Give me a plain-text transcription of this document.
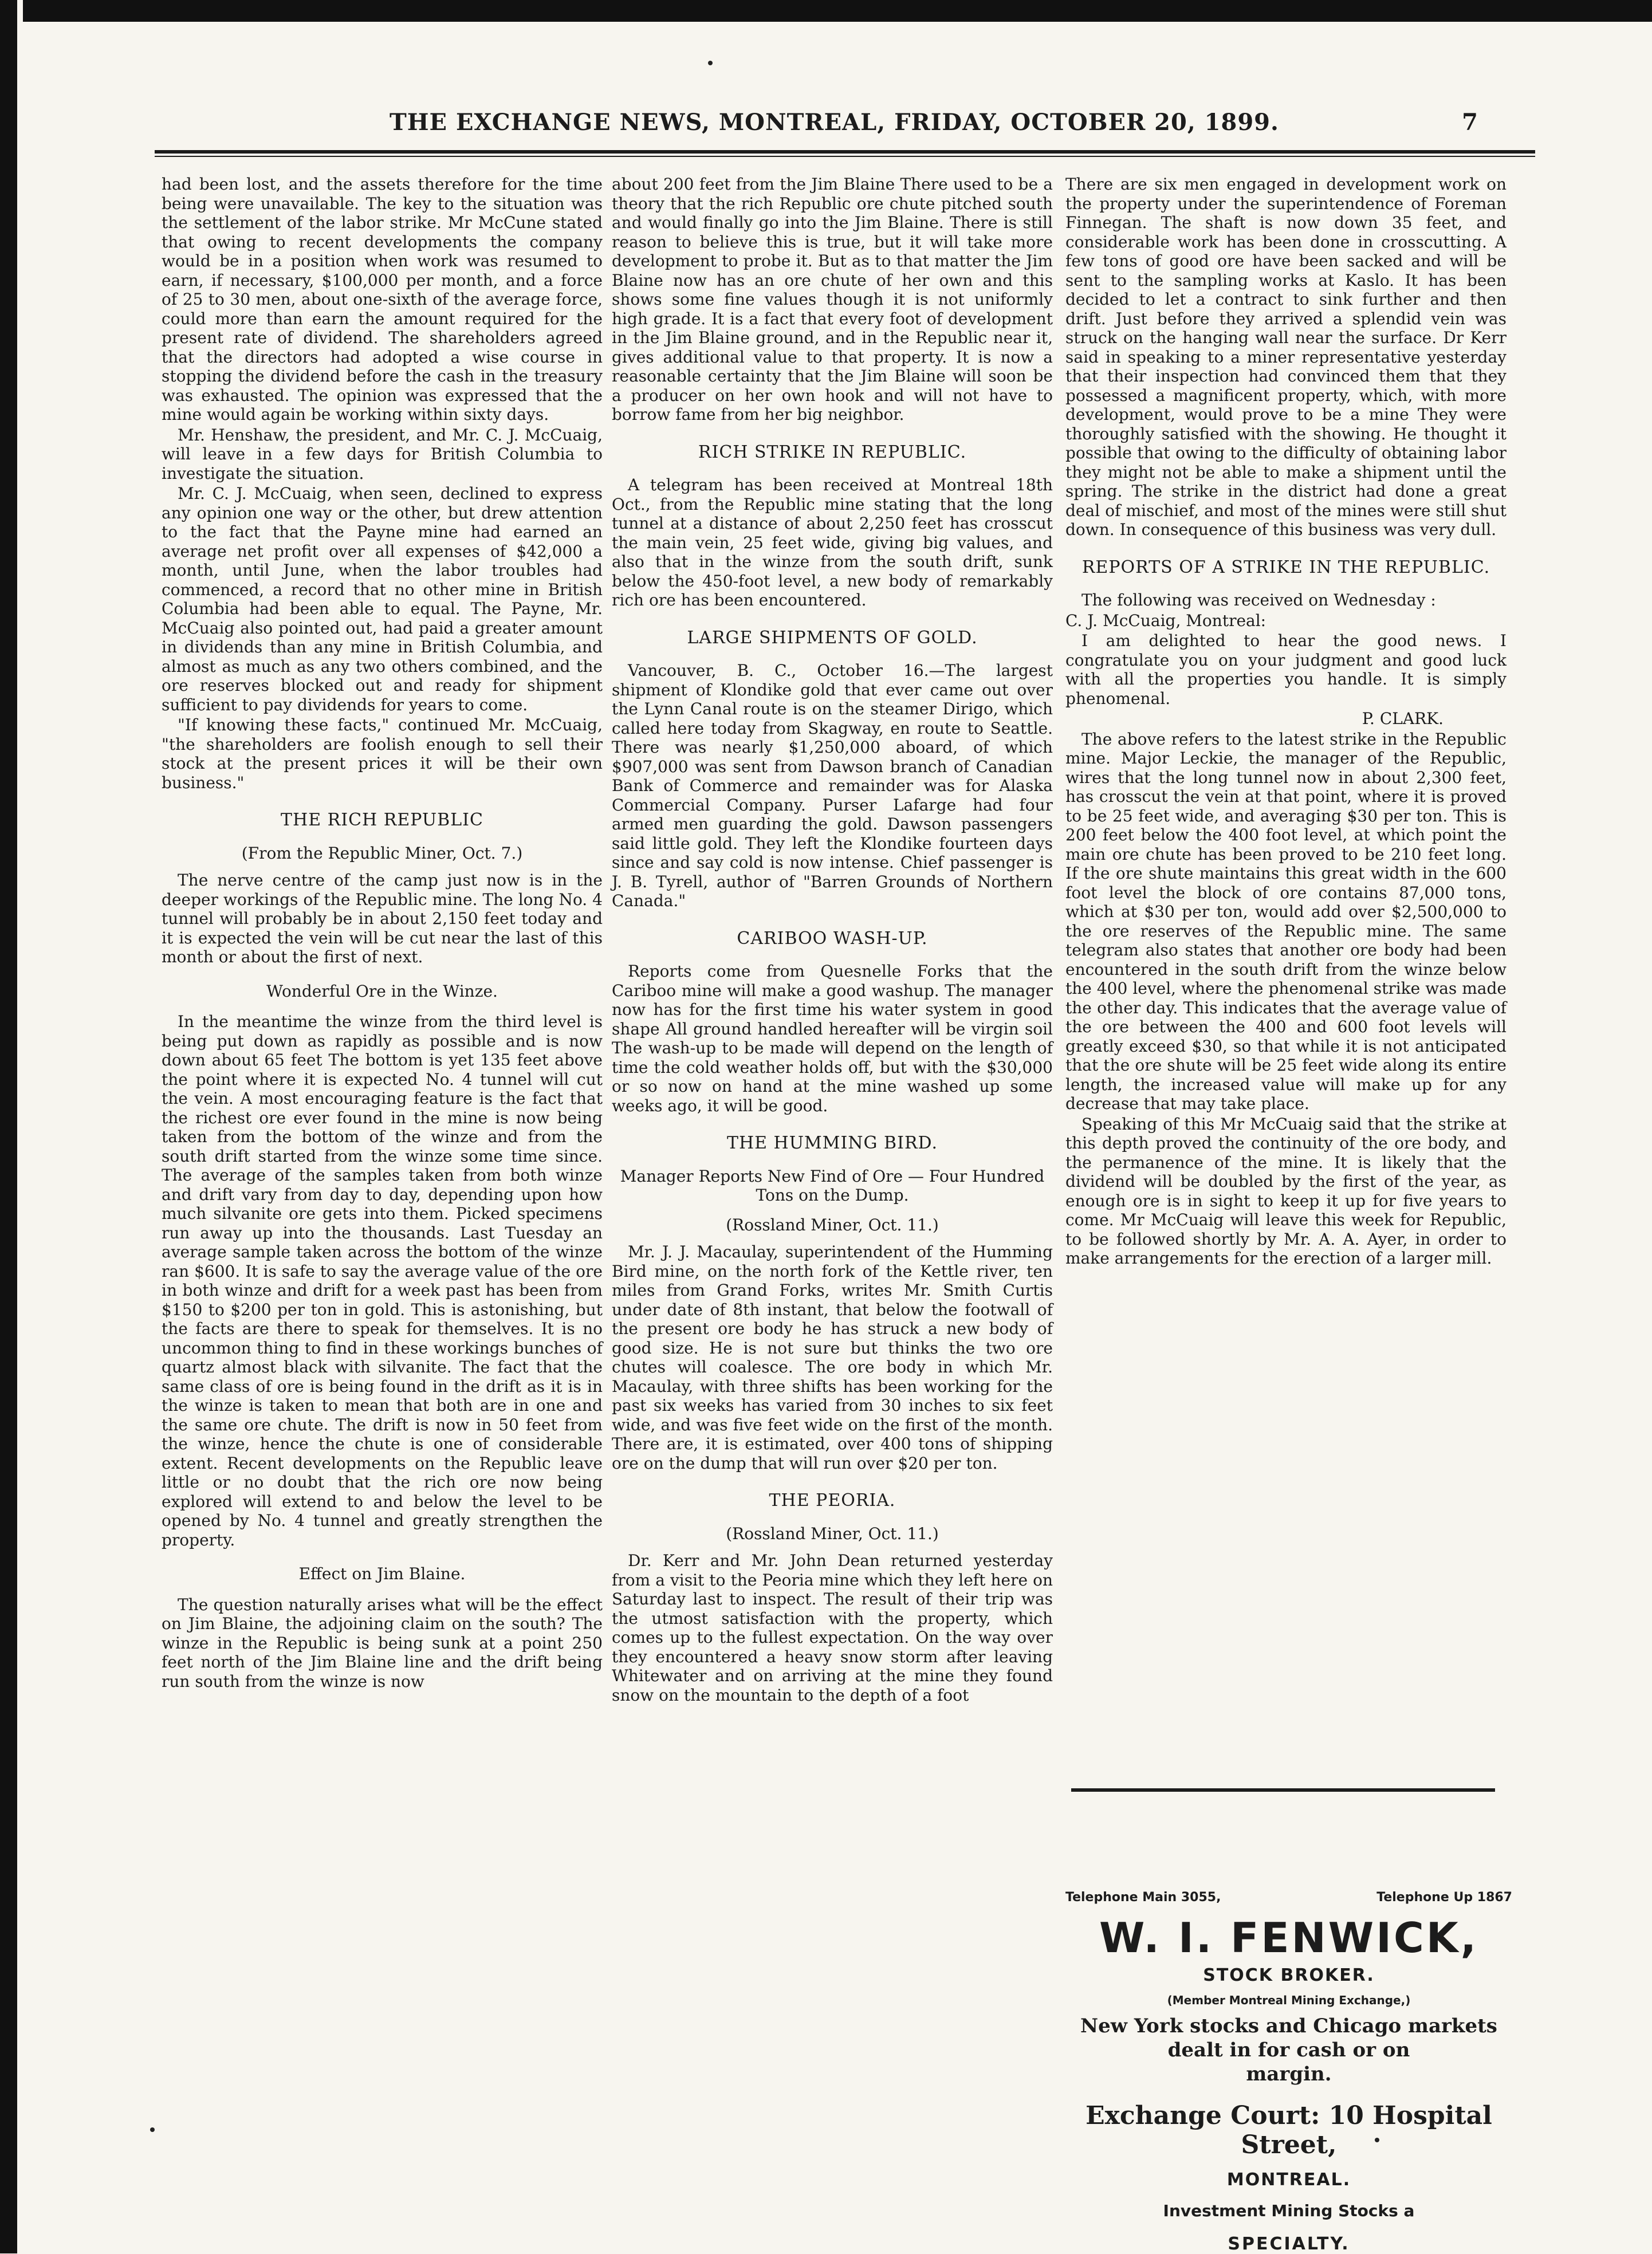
THE EXCHANGE NEWS, MONTREAL, FRIDAY, OCTOBER 20, 1899.	7

had been lost, and the assets therefore for the time being were unavailable. The key to the situation was the settlement of the labor strike. Mr McCune stated that owing to recent developments the company would be in a position when work was resumed to earn, if necessary, $100,000 per month, and a force of 25 to 30 men, about one-sixth of the average force, could more than earn the amount required for the present rate of dividend. The shareholders agreed that the directors had adopted a wise course in stopping the dividend before the cash in the treasury was exhausted. The opinion was expressed that the mine would again be working within sixty days.

Mr. Henshaw, the president, and Mr. C. J. McCuaig, will leave in a few days for British Columbia to investigate the situation.

Mr. C. J. McCuaig, when seen, declined to express any opinion one way or the other, but drew attention to the fact that the Payne mine had earned an average net profit over all expenses of $42,000 a month, until June, when the labor troubles had commenced, a record that no other mine in British Columbia had been able to equal. The Payne, Mr. McCuaig also pointed out, had paid a greater amount in dividends than any mine in British Columbia, and almost as much as any two others combined, and the ore reserves blocked out and ready for shipment sufficient to pay dividends for years to come.

"If knowing these facts," continued Mr. McCuaig, "the shareholders are foolish enough to sell their stock at the present prices it will be their own business."

THE RICH REPUBLIC

(From the Republic Miner, Oct. 7.)

The nerve centre of the camp just now is in the deeper workings of the Republic mine. The long No. 4 tunnel will probably be in about 2,150 feet today and it is expected the vein will be cut near the last of this month or about the first of next.

Wonderful Ore in the Winze.

In the meantime the winze from the third level is being put down as rapidly as possible and is now down about 65 feet The bottom is yet 135 feet above the point where it is expected No. 4 tunnel will cut the vein. A most encouraging feature is the fact that the richest ore ever found in the mine is now being taken from the bottom of the winze and from the south drift started from the winze some time since. The average of the samples taken from both winze and drift vary from day to day, depending upon how much silvanite ore gets into them. Picked specimens run away up into the thousands. Last Tuesday an average sample taken across the bottom of the winze ran $600. It is safe to say the average value of the ore in both winze and drift for a week past has been from $150 to $200 per ton in gold. This is astonishing, but the facts are there to speak for themselves. It is no uncommon thing to find in these workings bunches of quartz almost black with silvanite. The fact that the same class of ore is being found in the drift as it is in the winze is taken to mean that both are in one and the same ore chute. The drift is now in 50 feet from the winze, hence the chute is one of considerable extent. Recent developments on the Republic leave little or no doubt that the rich ore now being explored will extend to and below the level to be opened by No. 4 tunnel and greatly strengthen the property.

Effect on Jim Blaine.

The question naturally arises what will be the effect on Jim Blaine, the adjoining claim on the south? The winze in the Republic is being sunk at a point 250 feet north of the Jim Blaine line and the drift being run south from the winze is now

about 200 feet from the Jim Blaine There used to be a theory that the rich Republic ore chute pitched south and would finally go into the Jim Blaine. There is still reason to believe this is true, but it will take more development to probe it. But as to that matter the Jim Blaine now has an ore chute of her own and this shows some fine values though it is not uniformly high grade. It is a fact that every foot of development in the Jim Blaine ground, and in the Republic near it, gives additional value to that property. It is now a reasonable certainty that the Jim Blaine will soon be a producer on her own hook and will not have to borrow fame from her big neighbor.

RICH STRIKE IN REPUBLIC.

A telegram has been received at Montreal 18th Oct., from the Republic mine stating that the long tunnel at a distance of about 2,250 feet has crosscut the main vein, 25 feet wide, giving big values, and also that in the winze from the south drift, sunk below the 450-foot level, a new body of remarkably rich ore has been encountered.

LARGE SHIPMENTS OF GOLD.

Vancouver, B. C., October 16.—The largest shipment of Klondike gold that ever came out over the Lynn Canal route is on the steamer Dirigo, which called here today from Skagway, en route to Seattle. There was nearly $1,250,000 aboard, of which $907,000 was sent from Dawson branch of Canadian Bank of Commerce and remainder was for Alaska Commercial Company. Purser Lafarge had four armed men guarding the gold. Dawson passengers said little gold. They left the Klondike fourteen days since and say cold is now intense. Chief passenger is J. B. Tyrell, author of "Barren Grounds of Northern Canada."

CARIBOO WASH-UP.

Reports come from Quesnelle Forks that the Cariboo mine will make a good washup. The manager now has for the first time his water system in good shape All ground handled hereafter will be virgin soil The wash-up to be made will depend on the length of time the cold weather holds off, but with the $30,000 or so now on hand at the mine washed up some weeks ago, it will be good.

THE HUMMING BIRD.

Manager Reports New Find of Ore — Four Hundred Tons on the Dump.

(Rossland Miner, Oct. 11.)

Mr. J. J. Macaulay, superintendent of the Humming Bird mine, on the north fork of the Kettle river, ten miles from Grand Forks, writes Mr. Smith Curtis under date of 8th instant, that below the footwall of the present ore body he has struck a new body of good size. He is not sure but thinks the two ore chutes will coalesce. The ore body in which Mr. Macaulay, with three shifts has been working for the past six weeks has varied from 30 inches to six feet wide, and was five feet wide on the first of the month. There are, it is estimated, over 400 tons of shipping ore on the dump that will run over $20 per ton.

THE PEORIA.

(Rossland Miner, Oct. 11.)

Dr. Kerr and Mr. John Dean returned yesterday from a visit to the Peoria mine which they left here on Saturday last to inspect. The result of their trip was the utmost satisfaction with the property, which comes up to the fullest expectation. On the way over they encountered a heavy snow storm after leaving Whitewater and on arriving at the mine they found snow on the mountain to the depth of a foot

There are six men engaged in development work on the property under the superintendence of Foreman Finnegan. The shaft is now down 35 feet, and considerable work has been done in crosscutting. A few tons of good ore have been sacked and will be sent to the sampling works at Kaslo. It has been decided to let a contract to sink further and then drift. Just before they arrived a splendid vein was struck on the hanging wall near the surface. Dr Kerr said in speaking to a miner representative yesterday that their inspection had convinced them that they possessed a magnificent property, which, with more development, would prove to be a mine They were thoroughly satisfied with the showing. He thought it possible that owing to the difficulty of obtaining labor they might not be able to make a shipment until the spring. The strike in the district had done a great deal of mischief, and most of the mines were still shut down. In consequence of this business was very dull.

REPORTS OF A STRIKE IN THE REPUBLIC.

The following was received on Wednesday :

C. J. McCuaig, Montreal:

I am delighted to hear the good news. I congratulate you on your judgment and good luck with all the properties you handle. It is simply phenomenal.

P. CLARK.

The above refers to the latest strike in the Republic mine. Major Leckie, the manager of the Republic, wires that the long tunnel now in about 2,300 feet, has crosscut the vein at that point, where it is proved to be 25 feet wide, and averaging $30 per ton. This is 200 feet below the 400 foot level, at which point the main ore chute has been proved to be 210 feet long. If the ore shute maintains this great width in the 600 foot level the block of ore contains 87,000 tons, which at $30 per ton, would add over $2,500,000 to the ore reserves of the Republic mine. The same telegram also states that another ore body had been encountered in the south drift from the winze below the 400 level, where the phenomenal strike was made the other day. This indicates that the average value of the ore between the 400 and 600 foot levels will greatly exceed $30, so that while it is not anticipated that the ore shute will be 25 feet wide along its entire length, the increased value will make up for any decrease that may take place.

Speaking of this Mr McCuaig said that the strike at this depth proved the continuity of the ore body, and the permanence of the mine. It is likely that the dividend will be doubled by the first of the year, as enough ore is in sight to keep it up for five years to come. Mr McCuaig will leave this week for Republic, to be followed shortly by Mr. A. A. Ayer, in order to make arrangements for the erection of a larger mill.

Telephone Main 3055,	Telephone Up 1867
W. I. FENWICK,
STOCK BROKER.
(Member Montreal Mining Exchange,)
New York stocks and Chicago markets
dealt in for cash or on
margin.
Exchange Court: 10 Hospital Street,
MONTREAL.
Investment Mining Stocks a
SPECIALTY.
